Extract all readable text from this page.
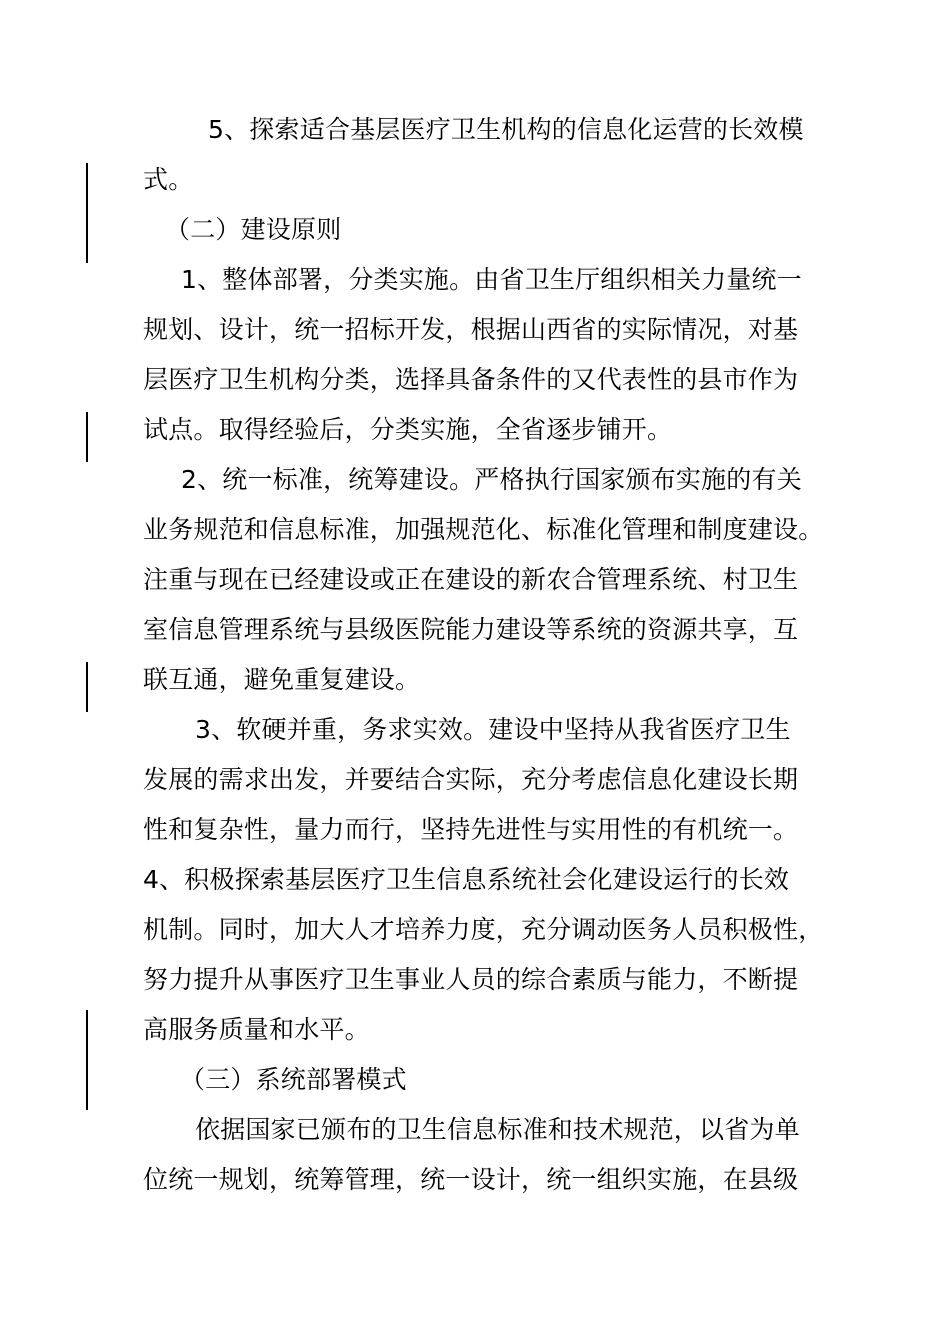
5、探索适合基层医疗卫生机构的信息化运营的长效模
式。
（二）建设原则
1、整体部署，分类实施。由省卫生厅组织相关力量统一
规划、设计，统一招标开发，根据山西省的实际情况，对基
层医疗卫生机构分类，选择具备条件的又代表性的县市作为
试点。取得经验后，分类实施，全省逐步铺开。
2、统一标准，统筹建设。严格执行国家颁布实施的有关
业务规范和信息标准，加强规范化、标准化管理和制度建设。
注重与现在已经建设或正在建设的新农合管理系统、村卫生
室信息管理系统与县级医院能力建设等系统的资源共享，互
联互通，避免重复建设。
3、软硬并重，务求实效。建设中坚持从我省医疗卫生
发展的需求出发，并要结合实际，充分考虑信息化建设长期
性和复杂性，量力而行，坚持先进性与实用性的有机统一。
4、积极探索基层医疗卫生信息系统社会化建设运行的长效
机制。同时，加大人才培养力度，充分调动医务人员积极性，
努力提升从事医疗卫生事业人员的综合素质与能力，不断提
高服务质量和水平。
（三）系统部署模式
依据国家已颁布的卫生信息标准和技术规范，以省为单
位统一规划，统筹管理，统一设计，统一组织实施，在县级
